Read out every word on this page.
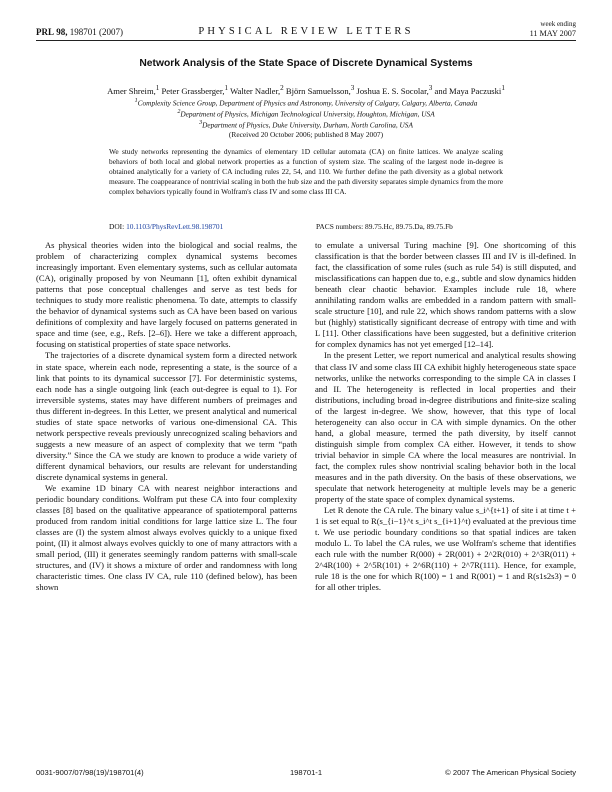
PRL 98, 198701 (2007)	PHYSICAL REVIEW LETTERS
week ending
11 MAY 2007
Network Analysis of the State Space of Discrete Dynamical Systems
Amer Shreim,$^1$ Peter Grassberger,$^1$ Walter Nadler,$^2$ Björn Samuelsson,$^3$ Joshua E. S. Socolar,$^3$ and Maya Paczuski$^1$
$^1$Complexity Science Group, Department of Physics and Astronomy, University of Calgary, Calgary, Alberta, Canada
$^2$Department of Physics, Michigan Technological University, Houghton, Michigan, USA
$^3$Department of Physics, Duke University, Durham, North Carolina, USA
(Received 20 October 2006; published 8 May 2007)
We study networks representing the dynamics of elementary 1D cellular automata (CA) on finite lattices. We analyze scaling behaviors of both local and global network properties as a function of system size. The scaling of the largest node in-degree is obtained analytically for a variety of CA including rules 22, 54, and 110. We further define the path diversity as a global network measure. The coappearance of nontrivial scaling in both the hub size and the path diversity separates simple dynamics from the more complex behaviors typically found in Wolfram's class IV and some class III CA.
DOI: 10.1103/PhysRevLett.98.198701	PACS numbers: 89.75.Hc, 89.75.Da, 89.75.Fb

As physical theories widen into the biological and social realms, the problem of characterizing complex dynamical systems becomes increasingly important. Even elementary systems, such as cellular automata (CA), originally proposed by von Neumann [1], often exhibit dynamical patterns that pose conceptual challenges and serve as test beds for techniques to study more realistic phenomena. To date, attempts to classify the behavior of dynamical systems such as CA have been based on various definitions of complexity and have largely focused on patterns generated in space and time (see, e.g., Refs. [2–6]). Here we take a different approach, focusing on statistical properties of state space networks.

The trajectories of a discrete dynamical system form a directed network in state space, wherein each node, representing a state, is the source of a link that points to its dynamical successor [7]. For deterministic systems, each node has a single outgoing link (each out-degree is equal to 1). For irreversible systems, states may have different numbers of preimages and thus different in-degrees. In this Letter, we present analytical and numerical studies of state space networks of various one-dimensional CA. This network perspective reveals previously unrecognized scaling behaviors and suggests a new measure of an aspect of complexity that we term “path diversity.” Since the CA we study are known to produce a wide variety of different dynamical behaviors, our results are relevant for understanding discrete dynamical systems in general.

We examine 1D binary CA with nearest neighbor interactions and periodic boundary conditions. Wolfram put these CA into four complexity classes [8] based on the qualitative appearance of spatiotemporal patterns produced from random initial conditions for large lattice size L. The four classes are (I) the system almost always evolves quickly to a unique fixed point, (II) it almost always evolves quickly to one of many attractors with a small period, (III) it generates seemingly random patterns with small-scale structures, and (IV) it shows a mixture of order and randomness with long characteristic times. One class IV CA, rule 110 (defined below), has been shown

to emulate a universal Turing machine [9]. One shortcoming of this classification is that the border between classes III and IV is ill-defined. In fact, the classification of some rules (such as rule 54) is still disputed, and misclassifications can happen due to, e.g., subtle and slow dynamics hidden beneath clear chaotic behavior. Examples include rule 18, where annihilating random walks are embedded in a random pattern with small-scale structure [10], and rule 22, which shows random patterns with a slow but (highly) statistically significant decrease of entropy with time and with L [11]. Other classifications have been suggested, but a definitive criterion for complex dynamics has not yet emerged [12–14].

In the present Letter, we report numerical and analytical results showing that class IV and some class III CA exhibit highly heterogeneous state space networks, unlike the networks corresponding to the simple CA in classes I and II. The heterogeneity is reflected in local properties and their distributions, including broad in-degree distributions and finite-size scaling of the largest in-degree. We show, however, that this type of local heterogeneity can also occur in CA with simple dynamics. On the other hand, a global measure, termed the path diversity, by itself cannot distinguish simple from complex CA either. However, it tends to show trivial behavior in simple CA where the local measures are nontrivial. In fact, the complex rules show nontrivial scaling behavior both in the local measures and in the path diversity. On the basis of these observations, we speculate that network heterogeneity at multiple levels may be a generic property of the state space of complex dynamical systems.

Let R denote the CA rule. The binary value s_i^{t+1} of site i at time t + 1 is set equal to R(s_{i−1}^t s_i^t s_{i+1}^t) evaluated at the previous time t. We use periodic boundary conditions so that spatial indices are taken modulo L. To label the CA rules, we use Wolfram's scheme that identifies each rule with the number R(000) + 2R(001) + 2^2R(010) + 2^3R(011) + 2^4R(100) + 2^5R(101) + 2^6R(110) + 2^7R(111). Hence, for example, rule 18 is the one for which R(100) = 1 and R(001) = 1 and R(s1s2s3) = 0 for all other triples.

0031-9007/07/98(19)/198701(4)	198701-1	© 2007 The American Physical Society
